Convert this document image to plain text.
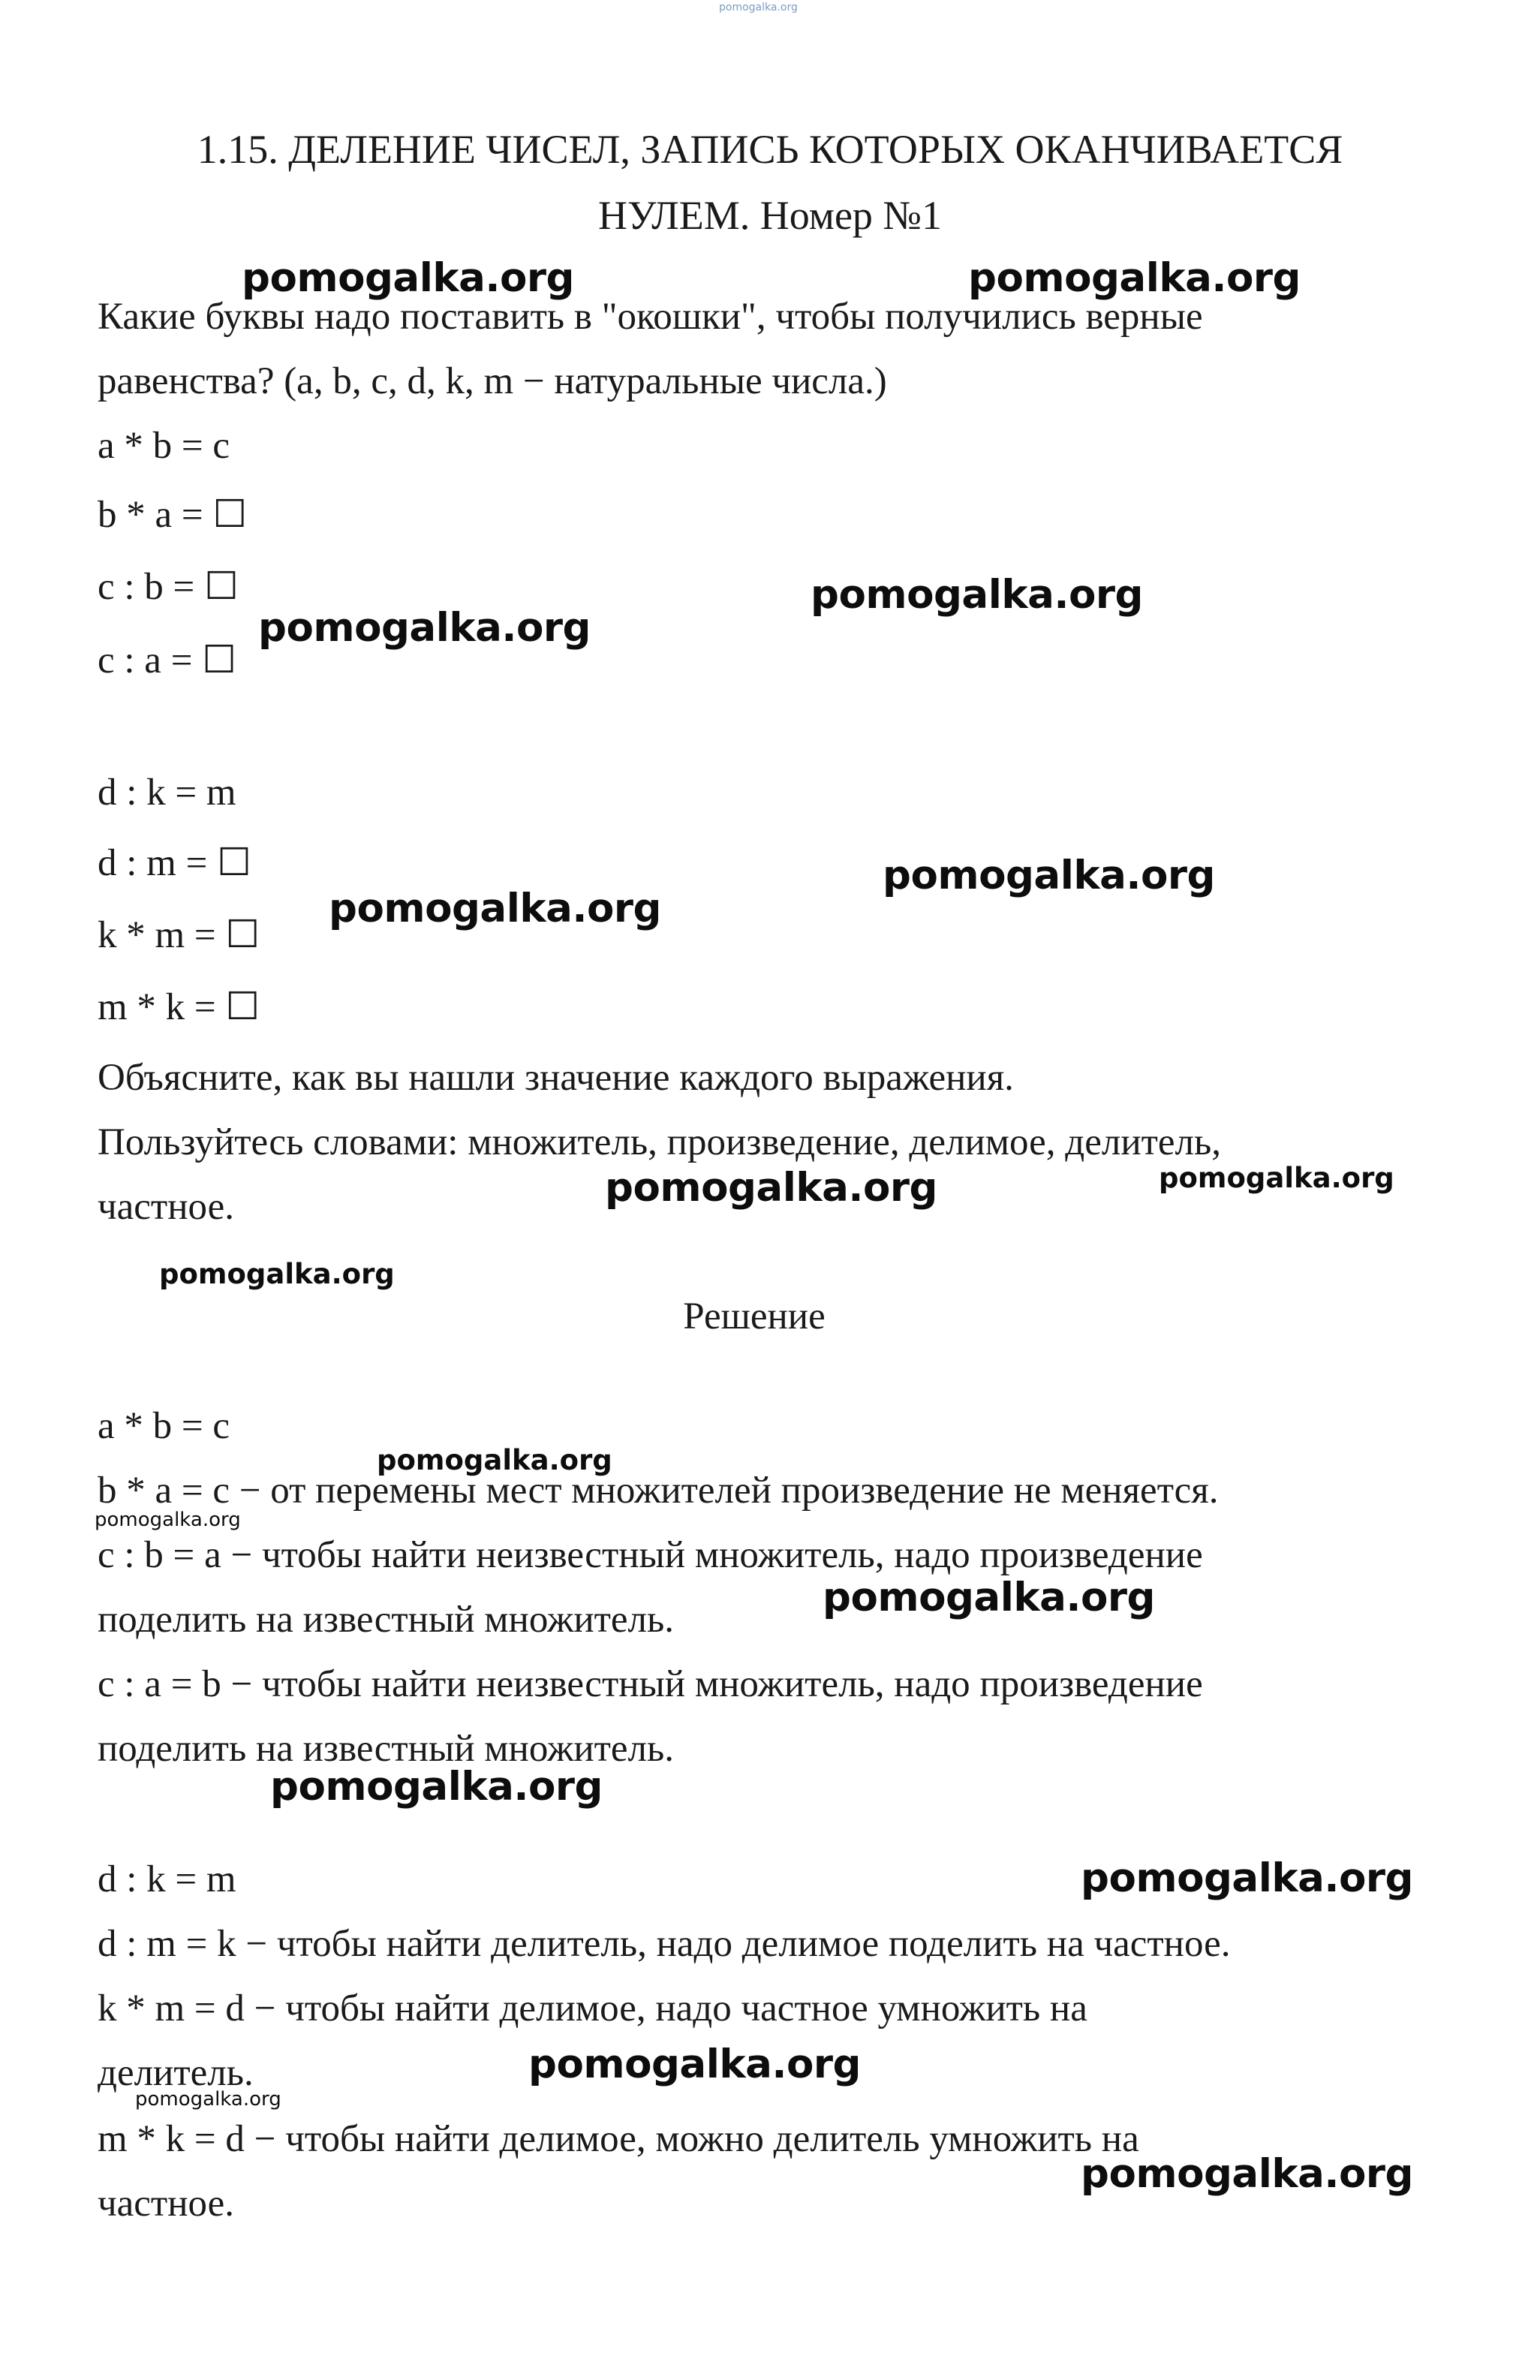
pomogalka.org
1.15. ДЕЛЕНИЕ ЧИСЕЛ, ЗАПИСЬ КОТОРЫХ ОКАНЧИВАЕТСЯ
НУЛЕМ. Номер №1
Какие буквы надо поставить в "окошки", чтобы получились верные
равенства? (a, b, c, d, k, m − натуральные числа.)
a * b = c
b * a = ☐
c : b = ☐
c : a = ☐
d : k = m
d : m = ☐
k * m = ☐
m * k = ☐
Объясните, как вы нашли значение каждого выражения.
Пользуйтесь словами: множитель, произведение, делимое, делитель,
частное.
Решение
a * b = c
b * a = c − от перемены мест множителей произведение не меняется.
c : b = a − чтобы найти неизвестный множитель, надо произведение
поделить на известный множитель.
c : a = b − чтобы найти неизвестный множитель, надо произведение
поделить на известный множитель.
d : k = m
d : m = k − чтобы найти делитель, надо делимое поделить на частное.
k * m = d − чтобы найти делимое, надо частное умножить на
делитель.
m * k = d − чтобы найти делимое, можно делитель умножить на
частное.
pomogalka.org	pomogalka.org
pomogalka.org
pomogalka.org
pomogalka.org
pomogalka.org
pomogalka.org	pomogalka.org
pomogalka.org
pomogalka.org
pomogalka.org
pomogalka.org
pomogalka.org
pomogalka.org
pomogalka.org
pomogalka.org
pomogalka.org
